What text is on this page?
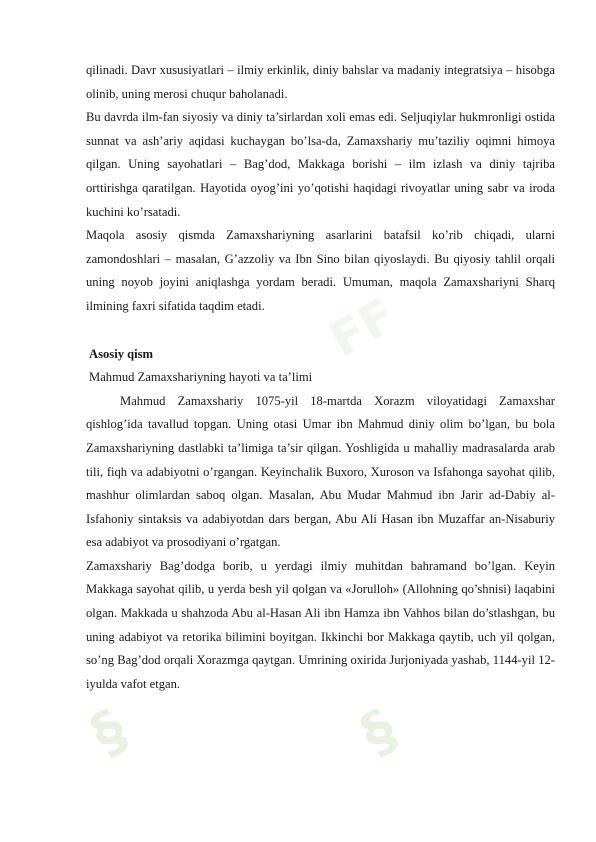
§	§
FF

qilinadi. Davr xususiyatlari – ilmiy erkinlik, diniy bahslar va madaniy integratsiya – hisobga olinib, uning merosi chuqur baholanadi.

Bu davrda ilm-fan siyosiy va diniy ta’sirlardan xoli emas edi. Seljuqiylar hukmronligi ostida sunnat va ash’ariy aqidasi kuchaygan bo’lsa-da, Zamaxshariy mu’taziliy oqimni himoya qilgan. Uning sayohatlari – Bag’dod, Makkaga borishi – ilm izlash va diniy tajriba orttirishga qaratilgan. Hayotida oyog’ini yo’qotishi haqidagi rivoyatlar uning sabr va iroda kuchini ko’rsatadi.

Maqola asosiy qismda Zamaxshariyning asarlarini batafsil ko’rib chiqadi, ularni zamondoshlari – masalan, G’azzoliy va Ibn Sino bilan qiyoslaydi. Bu qiyosiy tahlil orqali uning noyob joyini aniqlashga yordam beradi. Umuman, maqola Zamaxshariyni Sharq ilmining faxri sifatida taqdim etadi.

Asosiy qism

Mahmud Zamaxshariyning hayoti va ta’limi

Mahmud Zamaxshariy 1075-yil 18-martda Xorazm viloyatidagi Zamaxshar qishlog’ida tavallud topgan. Uning otasi Umar ibn Mahmud diniy olim bo’lgan, bu bola Zamaxshariyning dastlabki ta’limiga ta’sir qilgan. Yoshligida u mahalliy madrasalarda arab tili, fiqh va adabiyotni o’rgangan. Keyinchalik Buxoro, Xuroson va Isfahonga sayohat qilib, mashhur olimlardan saboq olgan. Masalan, Abu Mudar Mahmud ibn Jarir ad-Dabiy al-Isfahoniy sintaksis va adabiyotdan dars bergan, Abu Ali Hasan ibn Muzaffar an-Nisaburiy esa adabiyot va prosodiyani o’rgatgan.

Zamaxshariy Bag’dodga borib, u yerdagi ilmiy muhitdan bahramand bo’lgan. Keyin Makkaga sayohat qilib, u yerda besh yil qolgan va «Jorulloh» (Allohning qo’shnisi) laqabini olgan. Makkada u shahzoda Abu al-Hasan Ali ibn Hamza ibn Vahhos bilan do’stlashgan, bu uning adabiyot va retorika bilimini boyitgan. Ikkinchi bor Makkaga qaytib, uch yil qolgan, so’ng Bag’dod orqali Xorazmga qaytgan. Umrining oxirida Jurjoniyada yashab, 1144-yil 12-iyulda vafot etgan.
